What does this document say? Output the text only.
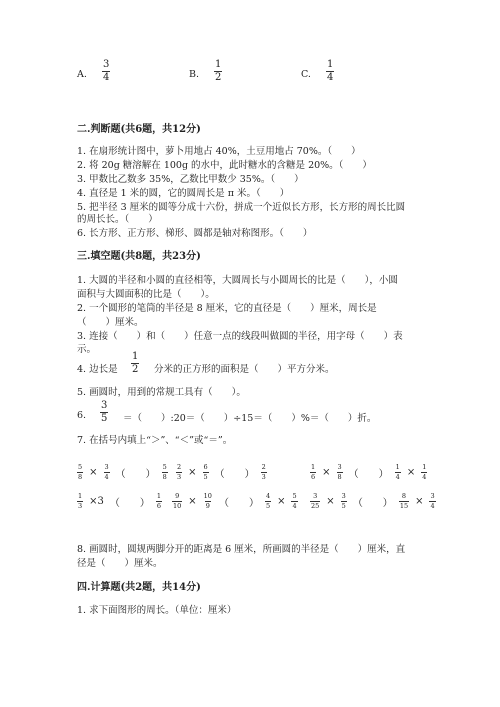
A. $\frac{3}{4}$	B. $\frac{1}{2}$	C. $\frac{1}{4}$
二.判断题(共6题，共12分)
1. 在扇形统计图中，萝卜用地占 40%，土豆用地占 70%。（　　）
2. 将 20g 糖溶解在 100g 的水中，此时糖水的含糖是 20%。（　　）
3. 甲数比乙数多 35%，乙数比甲数少 35%。（　　）
4. 直径是 1 米的圆，它的圆周长是 π 米。（　　）
5. 把半径 3 厘米的圆等分成十六份，拼成一个近似长方形，长方形的周长比圆
的周长长。（　　）
6. 长方形、正方形、梯形、圆都是轴对称图形。（　　）
三.填空题(共8题，共23分)
1. 大圆的半径和小圆的直径相等，大圆周长与小圆周长的比是（　　），小圆
面积与大圆面积的比是（　　）。
2. 一个圆形的笔筒的半径是 8 厘米，它的直径是（　　）厘米，周长是
（　　）厘米。
3. 连接（　　）和（　　）任意一点的线段叫做圆的半径，用字母（　　）表
示。
4. 边长是 $\frac{1}{2}$ 分米的正方形的面积是（　　）平方分米。
5. 画圆时，用到的常规工具有（　　）。
6. $\frac{3}{5}$ ＝（　　）:20＝（　　）÷15＝（　　）%＝（　　）折。
7. 在括号内填上“＞”、“＜”或“＝”。
$\frac{5}{8} \times \frac{3}{4}$ （　　） $\frac{5}{8} \frac{2}{3} \times \frac{6}{5}$ （　　） $\frac{2}{3}$	$\frac{1}{6} \times \frac{3}{8}$ （　　） $\frac{1}{4} \times \frac{1}{4}$
$\frac{1}{3} \times 3$ （　　） $\frac{1}{6} \frac{9}{10} \times \frac{10}{9}$ （　　） $\frac{4}{5} \times \frac{5}{4} \frac{3}{25} \times \frac{3}{5}$ （　　） $\frac{8}{15} \times \frac{3}{4}$
8. 画圆时，圆规两脚分开的距离是 6 厘米，所画圆的半径是（　　）厘米，直
径是（　　）厘米。
四.计算题(共2题，共14分)
1. 求下面图形的周长。（单位：厘米）
